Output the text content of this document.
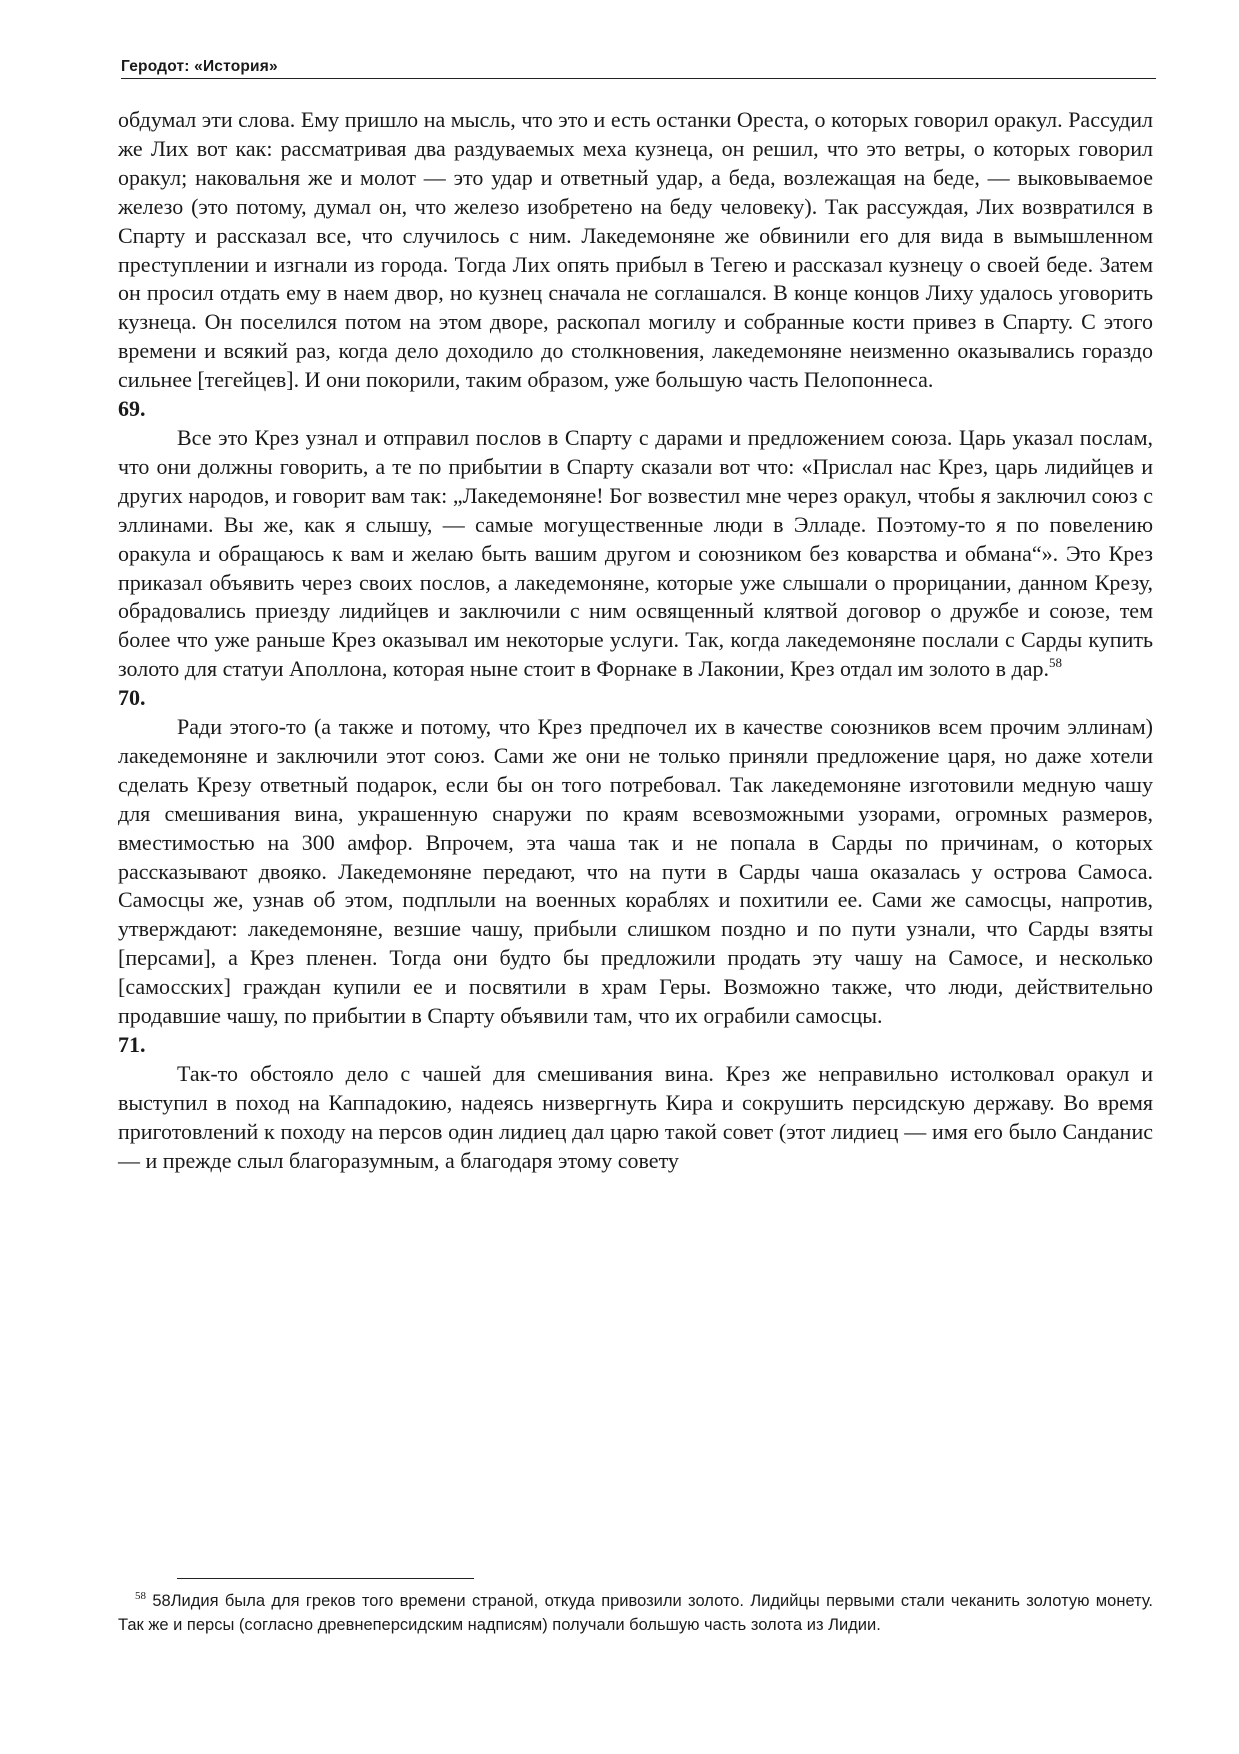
Геродот: «История»

обдумал эти слова. Ему пришло на мысль, что это и есть останки Ореста, о которых говорил оракул. Рассудил же Лих вот как: рассматривая два раздуваемых меха кузнеца, он решил, что это ветры, о которых говорил оракул; наковальня же и молот — это удар и ответный удар, а беда, возлежащая на беде, — выковываемое железо (это потому, думал он, что железо изобретено на беду человеку). Так рассуждая, Лих возвратился в Спарту и рассказал все, что случилось с ним. Лакедемоняне же обвинили его для вида в вымышленном преступлении и изгнали из города. Тогда Лих опять прибыл в Тегею и рассказал кузнецу о своей беде. Затем он просил отдать ему в наем двор, но кузнец сначала не соглашался. В конце концов Лиху удалось уговорить кузнеца. Он поселился потом на этом дворе, раскопал могилу и собранные кости привез в Спарту. С этого времени и всякий раз, когда дело доходило до столкновения, лакедемоняне неизменно оказывались гораздо сильнее [тегейцев]. И они покорили, таким образом, уже большую часть Пелопоннеса.

69.

Все это Крез узнал и отправил послов в Спарту с дарами и предложением союза. Царь указал послам, что они должны говорить, а те по прибытии в Спарту сказали вот что: «Прислал нас Крез, царь лидийцев и других народов, и говорит вам так: „Лакедемоняне! Бог возвестил мне через оракул, чтобы я заключил союз с эллинами. Вы же, как я слышу, — самые могущественные люди в Элладе. Поэтому-то я по повелению оракула и обращаюсь к вам и желаю быть вашим другом и союзником без коварства и обмана“». Это Крез приказал объявить через своих послов, а лакедемоняне, которые уже слышали о прорицании, данном Крезу, обрадовались приезду лидийцев и заключили с ним освященный клятвой договор о дружбе и союзе, тем более что уже раньше Крез оказывал им некоторые услуги. Так, когда лакедемоняне послали с Сарды купить золото для статуи Аполлона, которая ныне стоит в Форнаке в Лаконии, Крез отдал им золото в дар.$^{58}$

70.

Ради этого-то (а также и потому, что Крез предпочел их в качестве союзников всем прочим эллинам) лакедемоняне и заключили этот союз. Сами же они не только приняли предложение царя, но даже хотели сделать Крезу ответный подарок, если бы он того потребовал. Так лакедемоняне изготовили медную чашу для смешивания вина, украшенную снаружи по краям всевозможными узорами, огромных размеров, вместимостью на 300 амфор. Впрочем, эта чаша так и не попала в Сарды по причинам, о которых рассказывают двояко. Лакедемоняне передают, что на пути в Сарды чаша оказалась у острова Самоса. Самосцы же, узнав об этом, подплыли на военных кораблях и похитили ее. Сами же самосцы, напротив, утверждают: лакедемоняне, везшие чашу, прибыли слишком поздно и по пути узнали, что Сарды взяты [персами], а Крез пленен. Тогда они будто бы предложили продать эту чашу на Самосе, и несколько [самосских] граждан купили ее и посвятили в храм Геры. Возможно также, что люди, действительно продавшие чашу, по прибытии в Спарту объявили там, что их ограбили самосцы.

71.

Так-то обстояло дело с чашей для смешивания вина. Крез же неправильно истолковал оракул и выступил в поход на Каппадокию, надеясь низвергнуть Кира и сокрушить персидскую державу. Во время приготовлений к походу на персов один лидиец дал царю такой совет (этот лидиец — имя его было Санданис — и прежде слыл благоразумным, а благодаря этому совету

$^{58}$ 58Лидия была для греков того времени страной, откуда привозили золото. Лидийцы первыми стали чеканить золотую монету. Так же и персы (согласно древнеперсидским надписям) получали большую часть золота из Лидии.
